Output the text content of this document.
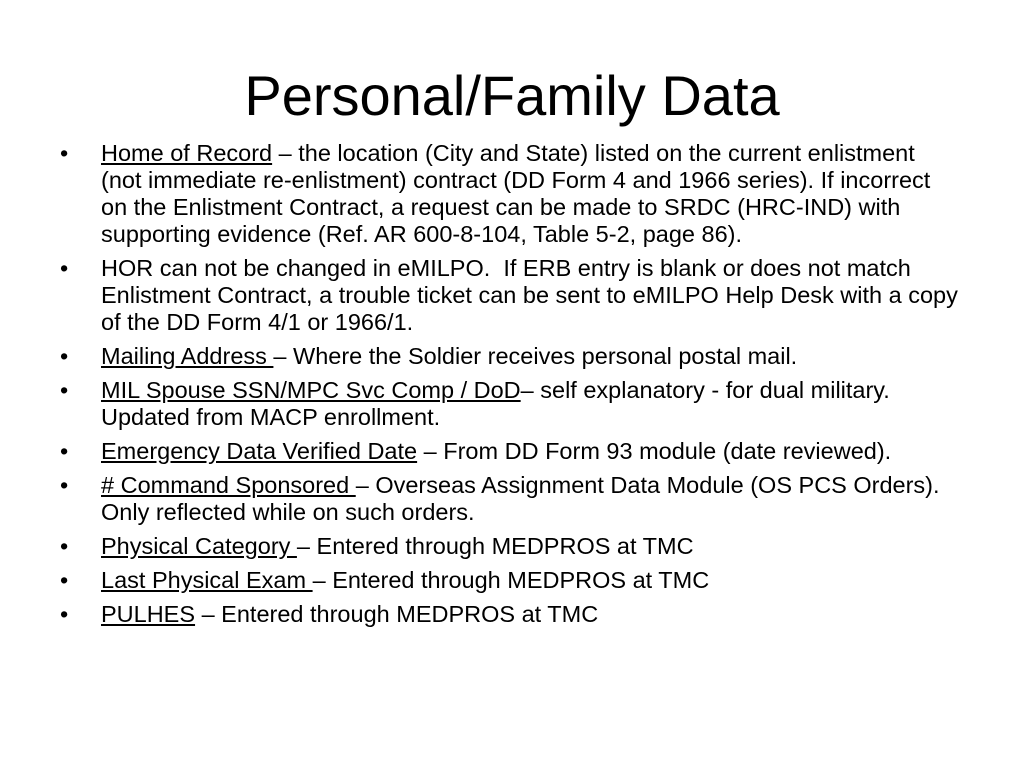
Personal/Family Data
•	Home of Record – the location (City and State) listed on the current enlistment (not immediate re-enlistment) contract (DD Form 4 and 1966 series). If incorrect on the Enlistment Contract, a request can be made to SRDC (HRC-IND) with supporting evidence (Ref. AR 600-8-104, Table 5-2, page 86).
•	HOR can not be changed in eMILPO.  If ERB entry is blank or does not match Enlistment Contract, a trouble ticket can be sent to eMILPO Help Desk with a copy of the DD Form 4/1 or 1966/1.
•	Mailing Address – Where the Soldier receives personal postal mail.
•	MIL Spouse SSN/MPC Svc Comp / DoD– self explanatory - for dual military. Updated from MACP enrollment.
•	Emergency Data Verified Date – From DD Form 93 module (date reviewed).
•	# Command Sponsored – Overseas Assignment Data Module (OS PCS Orders).  Only reflected while on such orders.
•	Physical Category – Entered through MEDPROS at TMC
•	Last Physical Exam – Entered through MEDPROS at TMC
•	PULHES – Entered through MEDPROS at TMC
